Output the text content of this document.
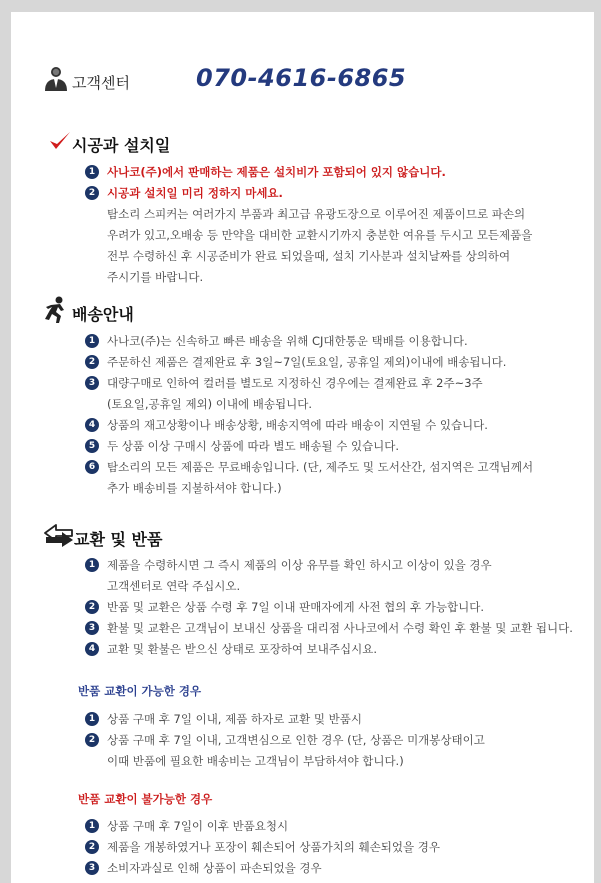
고객센터	070-4616-6865
시공과 설치일
1	사나코(주)에서 판매하는 제품은 설치비가 포함되어 있지 않습니다.
2	시공과 설치일 미리 정하지 마세요.
탐소리 스피커는 여러가지 부품과 최고급 유광도장으로 이루어진 제품이므로 파손의
우려가 있고,오배송 등 만약을 대비한 교환시기까지 충분한 여유를 두시고 모든제품을
전부 수령하신 후 시공준비가 완료 되었을때, 설치 기사분과 설치날짜를 상의하여
주시기를 바랍니다.
배송안내
1	사나코(주)는 신속하고 빠른 배송을 위해 CJ대한통운 택배를 이용합니다.
2	주문하신 제품은 결제완료 후 3일~7일(토요일, 공휴일 제외)이내에 배송됩니다.
3	대량구매로 인하여 컬러를 별도로 지정하신 경우에는 결제완료 후 2주~3주
(토요일,공휴일 제외) 이내에 배송됩니다.
4	상품의 재고상황이나 배송상황, 배송지역에 따라 배송이 지연될 수 있습니다.
5	두 상품 이상 구매시 상품에 따라 별도 배송될 수 있습니다.
6	탐소리의 모든 제품은 무료배송입니다. (단, 제주도 및 도서산간, 섬지역은 고객님께서
추가 배송비를 지불하셔야 합니다.)
교환 및 반품
1	제품을 수령하시면 그 즉시 제품의 이상 유무를 확인 하시고 이상이 있을 경우
고객센터로 연락 주십시오.
2	반품 및 교환은 상품 수령 후 7일 이내 판매자에게 사전 협의 후 가능합니다.
3	환불 및 교환은 고객님이 보내신 상품을 대리점 사나코에서 수령 확인 후 환불 및 교환 됩니다.
4	교환 및 환불은 받으신 상태로 포장하여 보내주십시요.
반품 교환이 가능한 경우
1	상품 구매 후 7일 이내, 제품 하자로 교환 및 반품시
2	상품 구매 후 7일 이내, 고객변심으로 인한 경우 (단, 상품은 미개봉상태이고
이때 반품에 필요한 배송비는 고객님이 부담하셔야 합니다.)
반품 교환이 불가능한 경우
1	상품 구매 후 7일이 이후 반품요청시
2	제품을 개봉하였거나 포장이 훼손되어 상품가치의 훼손되었을 경우
3	소비자과실로 인해 상품이 파손되었을 경우
